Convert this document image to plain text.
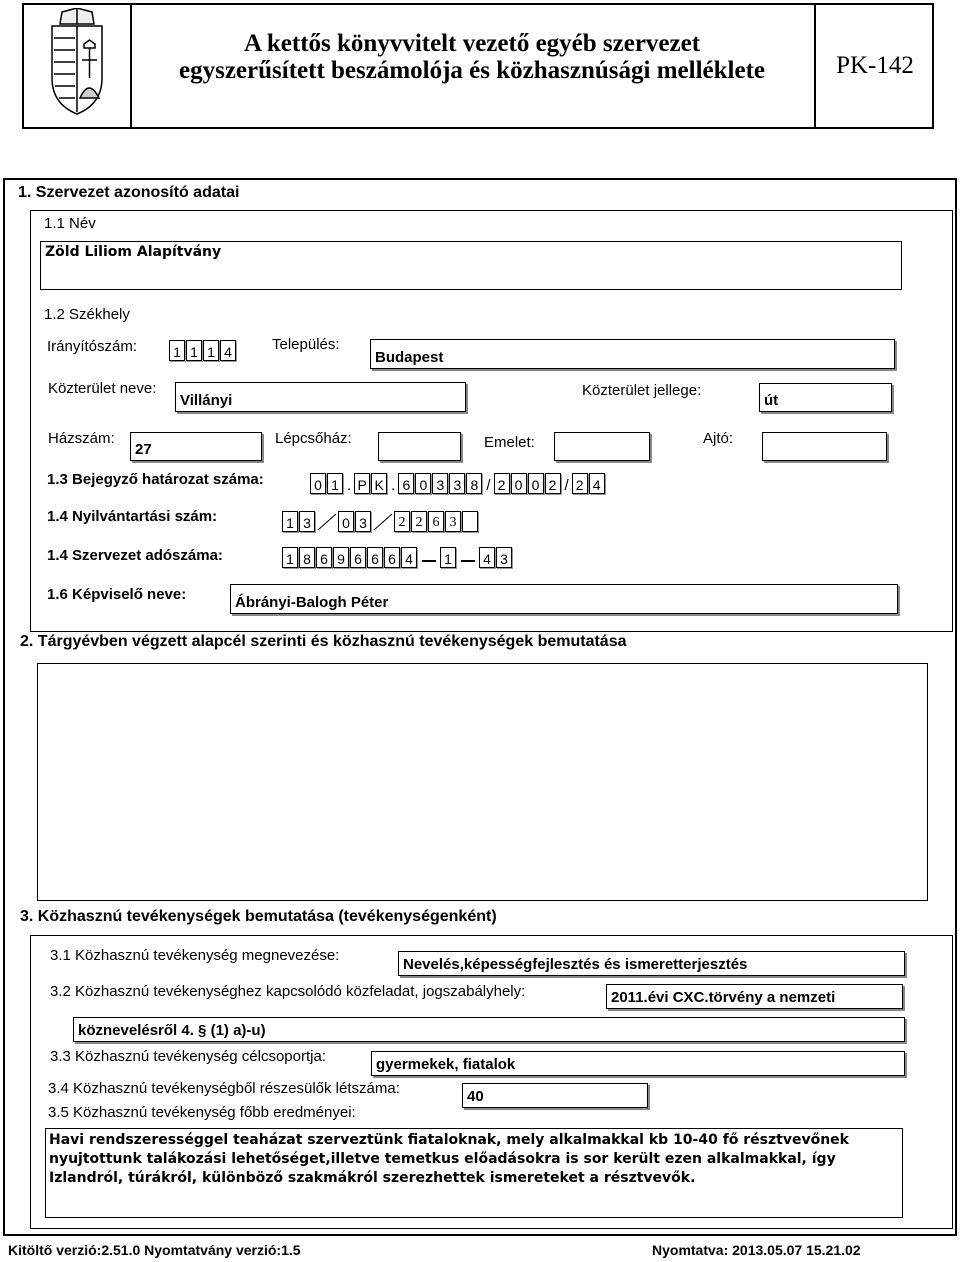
A kettős könyvvitelt vezető egyéb szervezet
egyszerűsített beszámolója és közhasznúsági melléklete	PK-142
1. Szervezet azonosító adatai
1.1 Név
Zöld Liliom Alapítvány
1.2 Székhely
Irányítószám:	1 1 1 4	Település:
Budapest
Közterület neve:
Villányi
Közterület jellege:
út
Házszám:
27
Lépcsőház:	Emelet:	Ajtó:
1.3 Bejegyző határozat száma:	0 1 . P K . 6 0 3 3 8 / 2 0 0 2 / 2 4
1.4 Nyilvántartási szám:	1 3 0 3	2 2 6 3
1.4 Szervezet adószáma:	1 8 6 9 6 6 6 4 1 4 3
1.6 Képviselő neve:	Ábrányi-Balogh Péter
2. Tárgyévben végzett alapcél szerinti és közhasznú tevékenységek bemutatása
3. Közhasznú tevékenységek bemutatása (tevékenységenként)
3.1 Közhasznú tevékenység megnevezése:
Nevelés,képességfejlesztés és ismeretterjesztés
3.2 Közhasznú tevékenységhez kapcsolódó közfeladat, jogszabályhely:	2011.évi CXC.törvény a nemzeti
köznevelésről 4. § (1) a)-u)
3.3 Közhasznú tevékenység célcsoportja:	gyermekek, fiatalok
3.4 Közhasznú tevékenységből részesülők létszáma:	40
3.5 Közhasznú tevékenység főbb eredményei:
Havi rendszerességgel teaházat szerveztünk fiataloknak, mely alkalmakkal kb 10-40 fő résztvevőnek
nyujtottunk talákozási lehetőséget,illetve temetkus előadásokra is sor került ezen alkalmakkal, így
Izlandról, túrákról, különböző szakmákról szerezhettek ismereteket a résztvevők.
Kitöltő verzió:2.51.0 Nyomtatvány verzió:1.5	Nyomtatva: 2013.05.07 15.21.02
